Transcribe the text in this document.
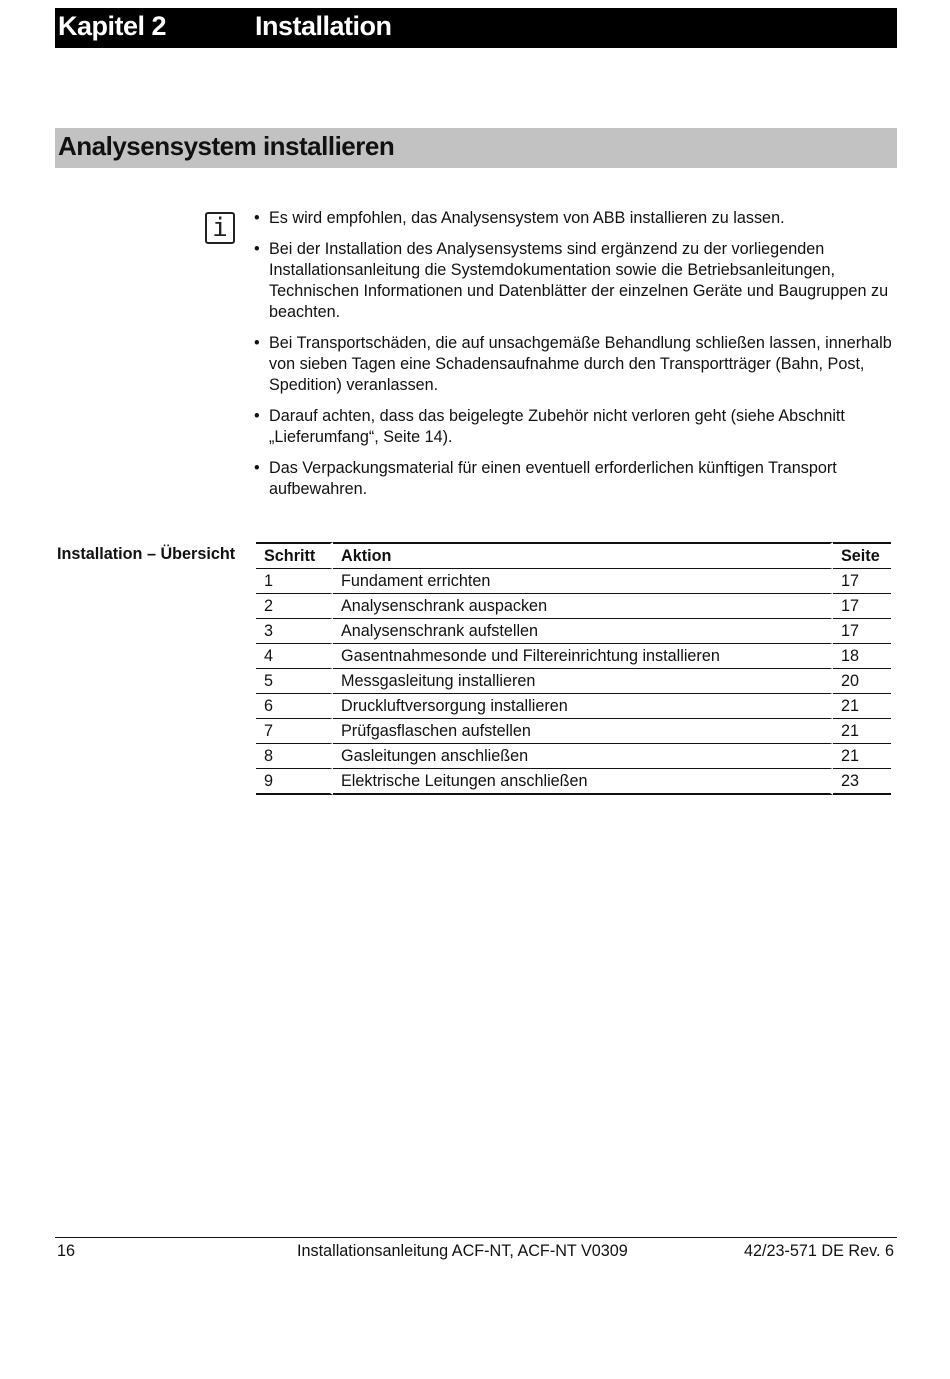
Kapitel 2	Installation
Analysensystem installieren
i	• Es wird empfohlen, das Analysensystem von ABB installieren zu lassen.
• Bei der Installation des Analysensystems sind ergänzend zu der vorliegenden Installationsanleitung die Systemdokumentation sowie die Betriebsanleitungen, Technischen Informationen und Datenblätter der einzelnen Geräte und Baugruppen zu beachten.
• Bei Transportschäden, die auf unsachgemäße Behandlung schließen lassen, innerhalb von sieben Tagen eine Schadensaufnahme durch den Transportträger (Bahn, Post, Spedition) veranlassen.
• Darauf achten, dass das beigelegte Zubehör nicht verloren geht (siehe Abschnitt „Lieferumfang“, Seite 14).
• Das Verpackungsmaterial für einen eventuell erforderlichen künftigen Transport aufbewahren.
Installation – Übersicht Schritt	Aktion	Seite
1	Fundament errichten	17
2	Analysenschrank auspacken	17
3	Analysenschrank aufstellen	17
4	Gasentnahmesonde und Filtereinrichtung installieren	18
5	Messgasleitung installieren	20
6	Druckluftversorgung installieren	21
7	Prüfgasflaschen aufstellen	21
8	Gasleitungen anschließen	21
9	Elektrische Leitungen anschließen	23
16	Installationsanleitung ACF-NT, ACF-NT V0309	42/23-571 DE Rev. 6
